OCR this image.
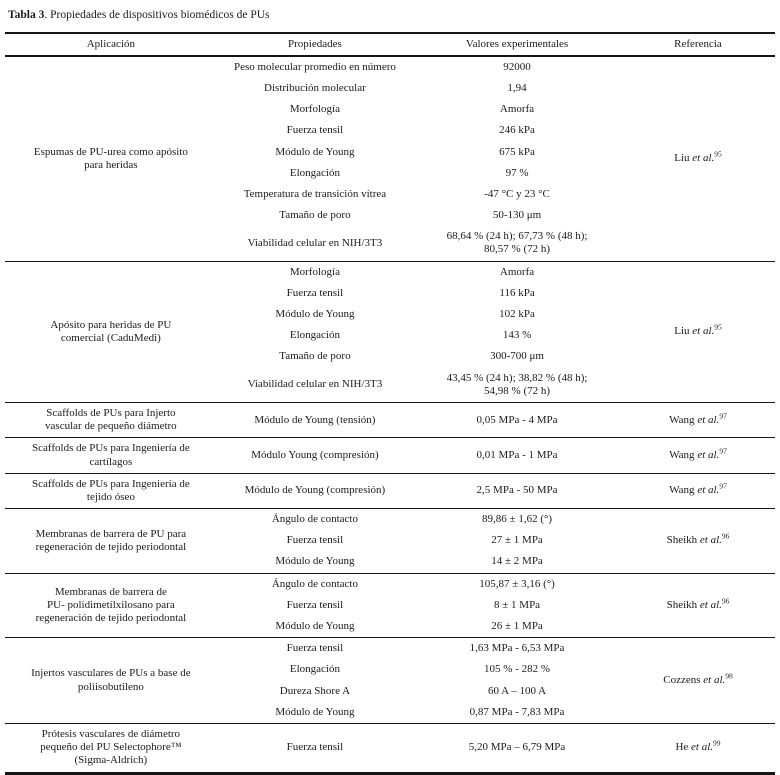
Tabla 3. Propiedades de dispositivos biomédicos de PUs
Aplicación	Propiedades	Valores experimentales	Referencia
Espumas de PU-urea como apósito
para heridas	Peso molecular promedio en número	92000	Liu et al.$^{95}$
	Distribución molecular	1,94	
	Morfología	Amorfa	
	Fuerza tensil	246 kPa	
	Módulo de Young	675 kPa	
	Elongación	97 %	
	Temperatura de transición vítrea	-47 °C y 23 °C	
	Tamaño de poro	50-130 μm	
	Viabilidad celular en NIH/3T3	68,64 % (24 h); 67,73 % (48 h);
80,57 % (72 h)	
Apósito para heridas de PU
comercial (CaduMedi)	Morfología	Amorfa	Liu et al.$^{95}$
	Fuerza tensil	116 kPa	
	Módulo de Young	102 kPa	
	Elongación	143 %	
	Tamaño de poro	300-700 μm	
	Viabilidad celular en NIH/3T3	43,45 % (24 h); 38,82 % (48 h);
54,98 % (72 h)	
Scaffolds de PUs para Injerto
vascular de pequeño diámetro	Módulo de Young (tensión)	0,05 MPa - 4 MPa	Wang et al.$^{97}$
Scaffolds de PUs para Ingeniería de
cartílagos	Módulo Young (compresión)	0,01 MPa - 1 MPa	Wang et al.$^{97}$
Scaffolds de PUs para Ingeniería de
tejido óseo	Módulo de Young (compresión)	2,5 MPa - 50 MPa	Wang et al.$^{97}$
Membranas de barrera de PU para
regeneración de tejido periodontal	Ángulo de contacto	89,86 ± 1,62 (°)	Sheikh et al.$^{96}$
	Fuerza tensil	27 ± 1 MPa	
	Módulo de Young	14 ± 2 MPa	
Membranas de barrera de
PU- polidimetilxilosano para
regeneración de tejido periodontal	Ángulo de contacto	105,87 ± 3,16 (°)	Sheikh et al.$^{96}$
	Fuerza tensil	8 ± 1 MPa	
	Módulo de Young	26 ± 1 MPa	
Injertos vasculares de PUs a base de
poliisobutileno	Fuerza tensil	1,63 MPa - 6,53 MPa	Cozzens et al.$^{98}$
	Elongación	105 % - 282 %	
	Dureza Shore A	60 A – 100 A	
	Módulo de Young	0,87 MPa - 7,83 MPa	
Prótesis vasculares de diámetro
pequeño del PU Selectophore™
(Sigma-Aldrich)	Fuerza tensil	5,20 MPa – 6,79 MPa	He et al.$^{99}$
